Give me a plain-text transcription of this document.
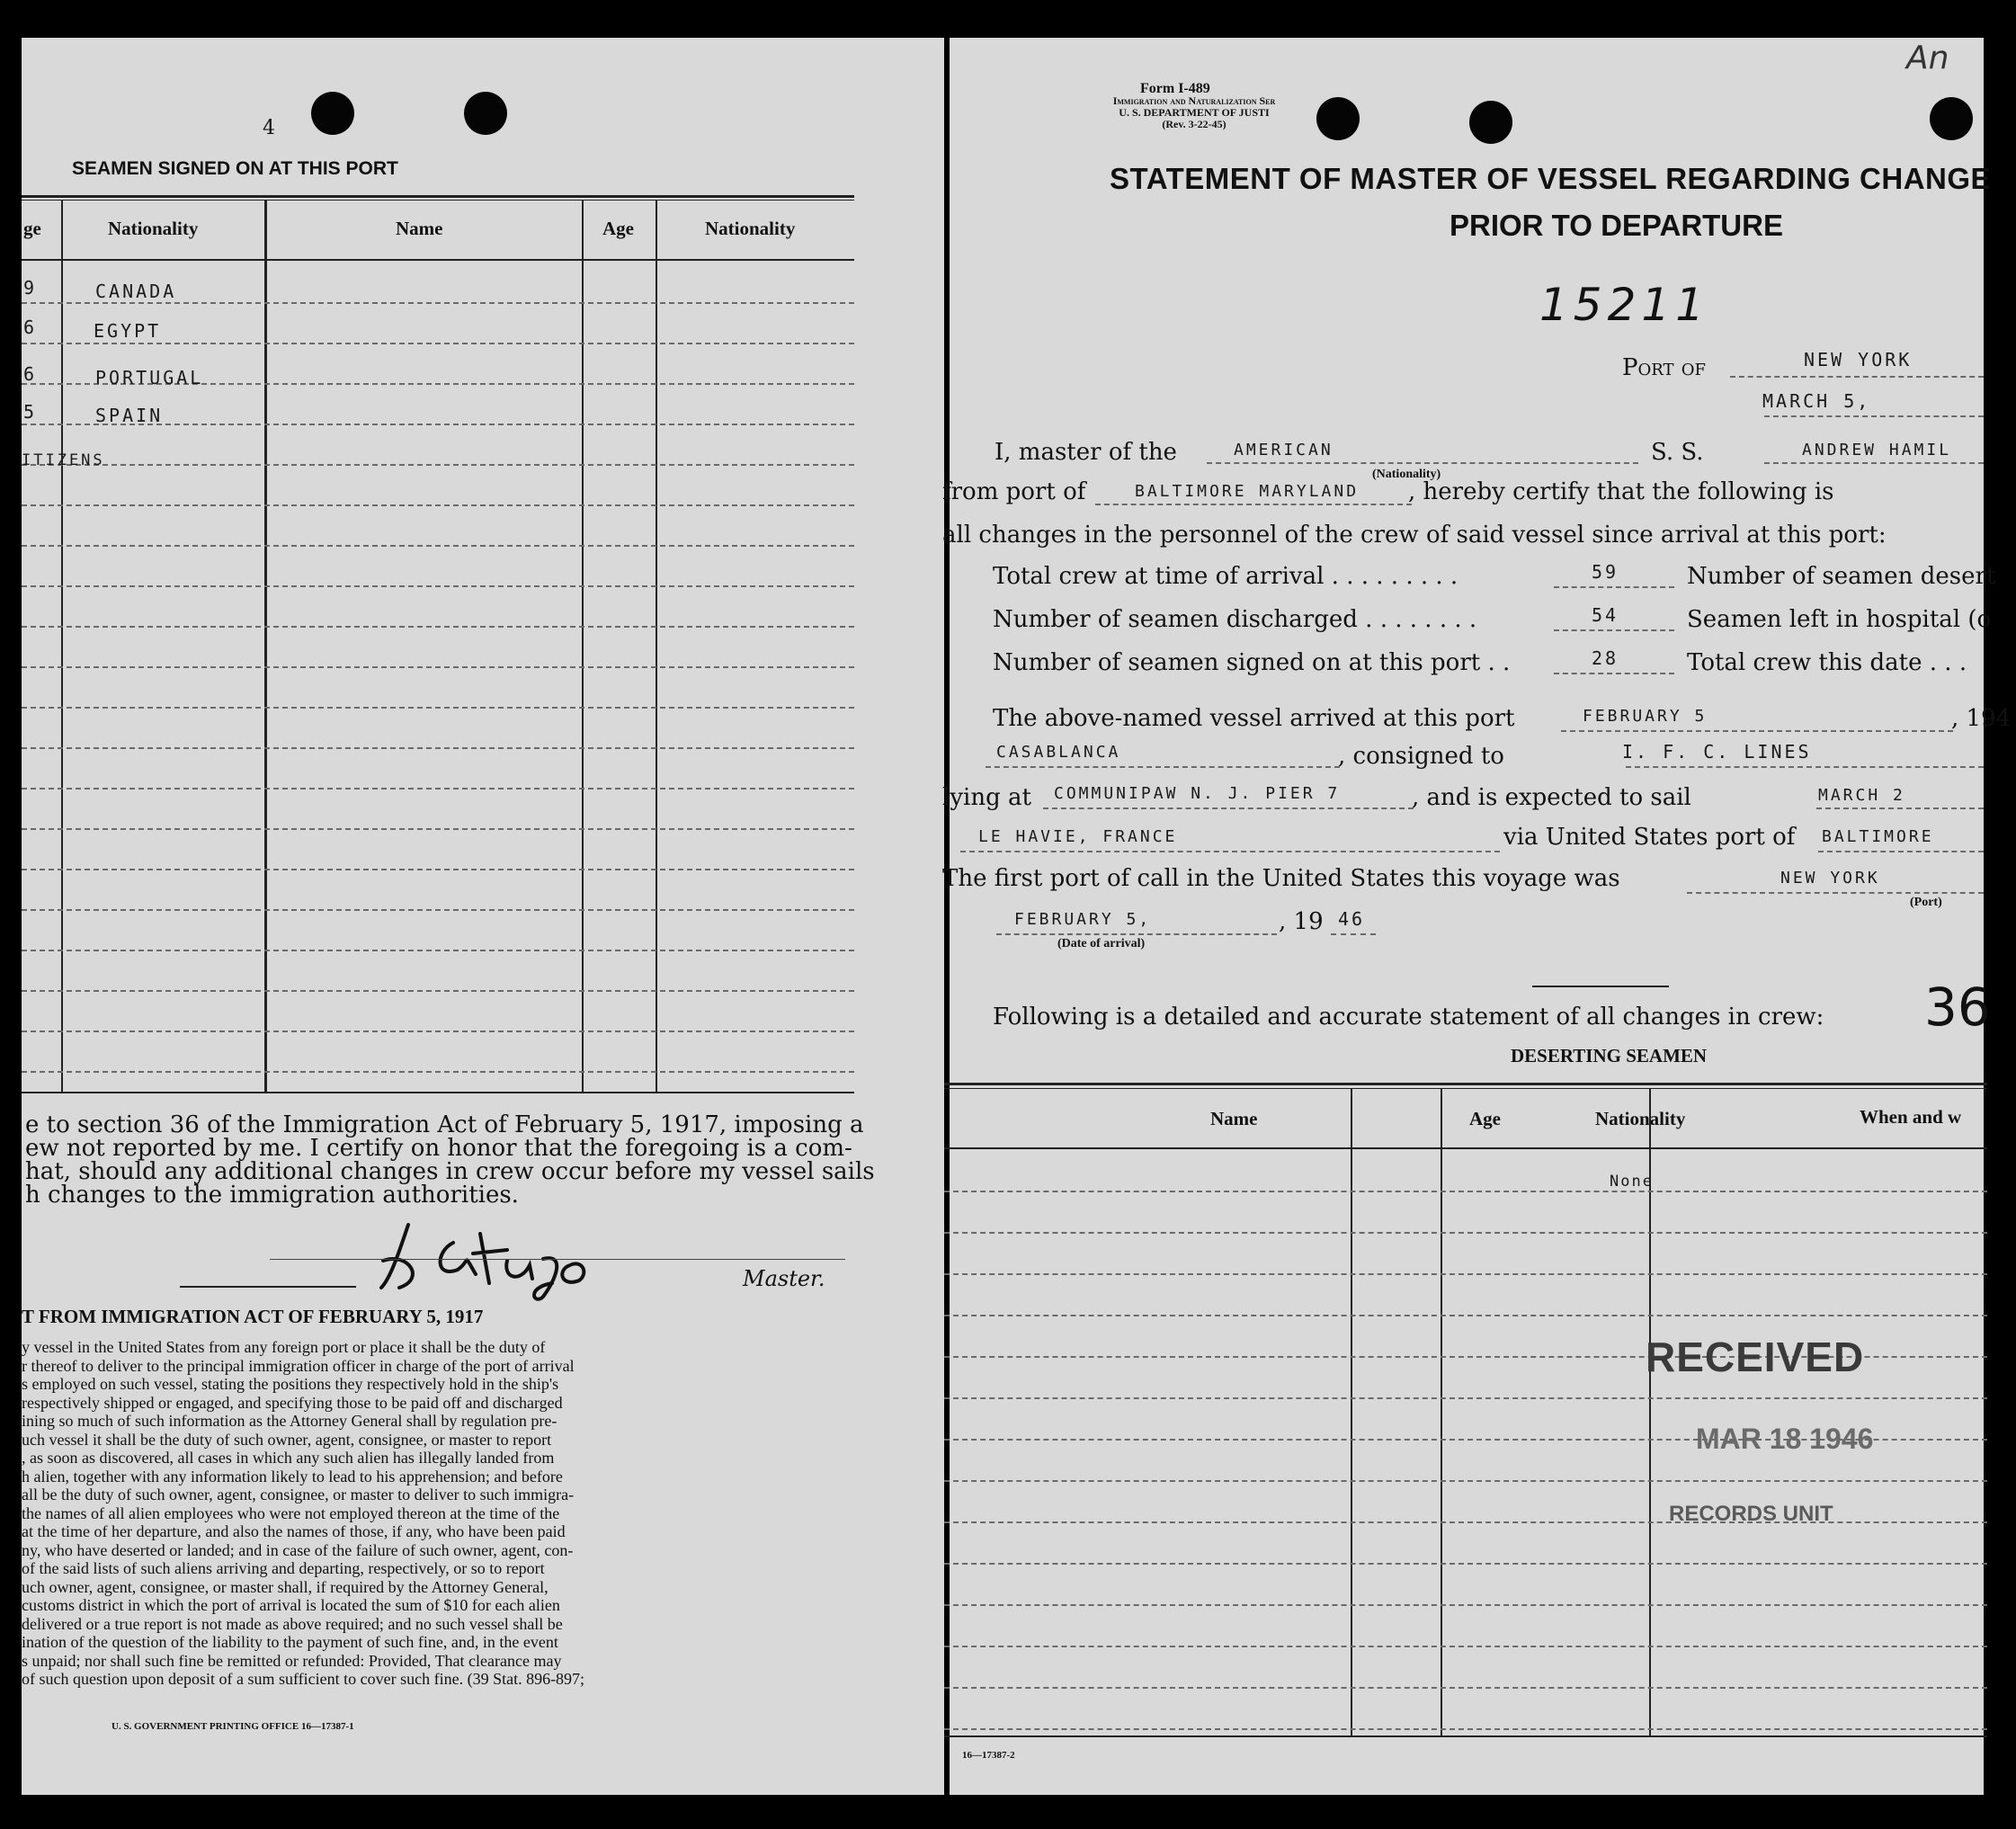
4
SEAMEN SIGNED ON AT THIS PORT
ge	Nationality	Name	Age	Nationality
9	CANADA
6	EGYPT
6	PORTUGAL
5	SPAIN
ITIZENS
e to section 36 of the Immigration Act of February 5, 1917, imposing a
ew not reported by me. I certify on honor that the foregoing is a com-
hat, should any additional changes in crew occur before my vessel sails
h changes to the immigration authorities.
Master.
T FROM IMMIGRATION ACT OF FEBRUARY 5, 1917
y vessel in the United States from any foreign port or place it shall be the duty of
r thereof to deliver to the principal immigration officer in charge of the port of arrival
s employed on such vessel, stating the positions they respectively hold in the ship's
respectively shipped or engaged, and specifying those to be paid off and discharged
ining so much of such information as the Attorney General shall by regulation pre-
uch vessel it shall be the duty of such owner, agent, consignee, or master to report
, as soon as discovered, all cases in which any such alien has illegally landed from
h alien, together with any information likely to lead to his apprehension; and before
all be the duty of such owner, agent, consignee, or master to deliver to such immigra-
the names of all alien employees who were not employed thereon at the time of the
at the time of her departure, and also the names of those, if any, who have been paid
ny, who have deserted or landed; and in case of the failure of such owner, agent, con-
of the said lists of such aliens arriving and departing, respectively, or so to report
uch owner, agent, consignee, or master shall, if required by the Attorney General,
customs district in which the port of arrival is located the sum of $10 for each alien
delivered or a true report is not made as above required; and no such vessel shall be
ination of the question of the liability to the payment of such fine, and, in the event
s unpaid; nor shall such fine be remitted or refunded: Provided, That clearance may
of such question upon deposit of a sum sufficient to cover such fine. (39 Stat. 896-897;
U. S. GOVERNMENT PRINTING OFFICE 16—17387-1
An
Form I-489
Immigration and Naturalization Ser
U. S. DEPARTMENT OF JUSTI
(Rev. 3-22-45)
STATEMENT OF MASTER OF VESSEL REGARDING CHANGE
PRIOR TO DEPARTURE
15211
Port of	NEW YORK
MARCH 5,
I, master of the	AMERICAN
(Nationality)
S. S.	ANDREW HAMIL
from port of	BALTIMORE MARYLAND , hereby certify that the following is
all changes in the personnel of the crew of said vessel since arrival at this port:
Total crew at time of arrival . . . . . . . . .	59	Number of seamen desert
Number of seamen discharged . . . . . . . .	54	Seamen left in hospital (o
Number of seamen signed on at this port . .	28	Total crew this date . . .
The above-named vessel arrived at this port	FEBRUARY 5	, 194
CASABLANCA	, consigned to	I. F. C. LINES
lying at COMMUNIPAW N. J. PIER 7	, and is expected to sail	MARCH 2
LE HAVIE, FRANCE	via United States port of BALTIMORE
The first port of call in the United States this voyage was	NEW YORK
(Port)
FEBRUARY 5,	, 19 46
(Date of arrival)
36
Following is a detailed and accurate statement of all changes in crew:
DESERTING SEAMEN
Name	Age	Nationality	When and w
None
RECEIVED
MAR 18 1946
RECORDS UNIT
16—17387-2
